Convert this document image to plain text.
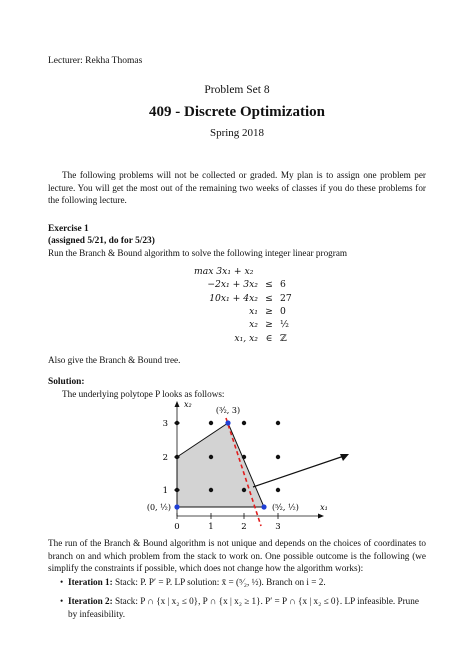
Lecturer: Rekha Thomas
Problem Set 8
409 - Discrete Optimization
Spring 2018
The following problems will not be collected or graded. My plan is to assign one problem per lecture. You will get the most out of the remaining two weeks of classes if you do these problems for the following lecture.
Exercise 1
(assigned 5/21, do for 5/23)
Run the Branch & Bound algorithm to solve the following integer linear program
max 3x₁ + x₂
−2x₁ + 3x₂ ≤ 6
10x₁ + 4x₂ ≤ 27
x₁ ≥ 0
x₂ ≥ ½
x₁, x₂ ∈ ℤ
Also give the Branch & Bound tree.
Solution:
The underlying polytope P looks as follows:
0	1	2	3
1
2
3
x₁
x₂
(³⁄₂, 3)
(0, ½)	(⁵⁄₂, ½)
The run of the Branch & Bound algorithm is not unique and depends on the choices of coordinates to branch on and which problem from the stack to work on. One possible outcome is the following (we simplify the constraints if possible, which does not change how the algorithm works):
• Iteration 1: Stack: P. P′ = P. LP solution: x̄ = (⁵⁄₂, ½). Branch on i = 2.
• Iteration 2: Stack: P ∩ {x | x₂ ≤ 0}, P ∩ {x | x₂ ≥ 1}. P′ = P ∩ {x | x₂ ≤ 0}. LP infeasible. Prune by infeasibility.
